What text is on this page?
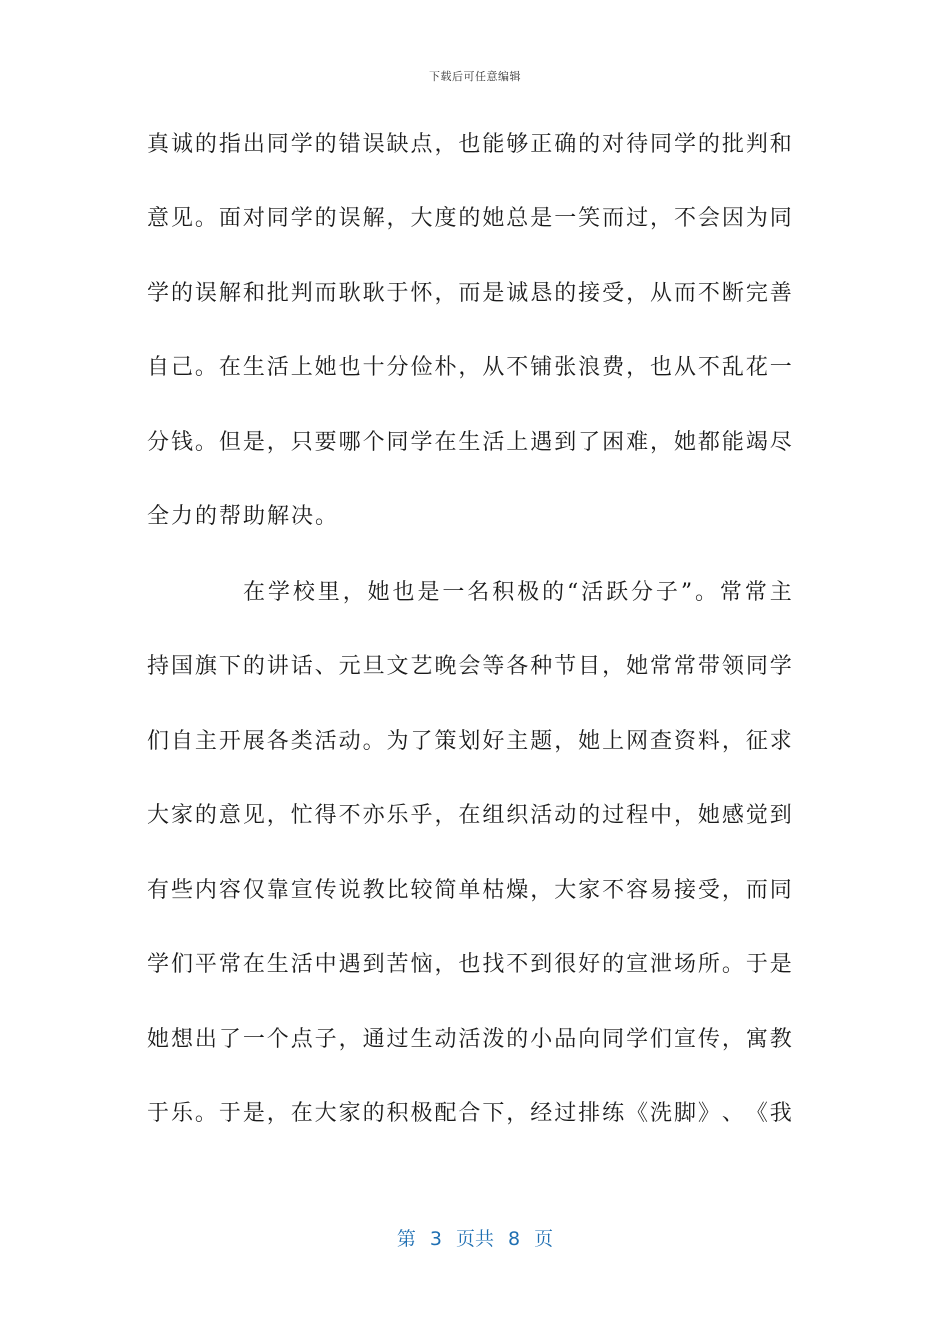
下载后可任意编辑
真 诚 的 指 出 同 学 的 错 误 缺 点 ， 也 能 够 正 确 的 对 待 同 学 的 批 判 和
意 见 。 面 对 同 学 的 误 解 ， 大 度 的 她 总 是 一 笑 而 过 ， 不 会 因 为 同
学 的 误 解 和 批 判 而 耿 耿 于 怀 ， 而 是 诚 恳 的 接 受 ， 从 而 不 断 完 善
自 己 。 在 生 活 上 她 也 十 分 俭 朴 ， 从 不 铺 张 浪 费 ， 也 从 不 乱 花 一
分 钱 。 但 是 ， 只 要 哪 个 同 学 在 生 活 上 遇 到 了 困 难 ， 她 都 能 竭 尽
全力的帮助解决。
在 学 校 里 ， 她 也 是 一 名 积 极 的 “ 活 跃 分 子 ” 。 常 常 主
持 国 旗 下 的 讲 话 、 元 旦 文 艺 晚 会 等 各 种 节 目 ， 她 常 常 带 领 同 学
们 自 主 开 展 各 类 活 动 。 为 了 策 划 好 主 题 ， 她 上 网 查 资 料 ， 征 求
大 家 的 意 见 ， 忙 得 不 亦 乐 乎 ， 在 组 织 活 动 的 过 程 中 ， 她 感 觉 到
有 些 内 容 仅 靠 宣 传 说 教 比 较 简 单 枯 燥 ， 大 家 不 容 易 接 受 ， 而 同
学 们 平 常 在 生 活 中 遇 到 苦 恼 ， 也 找 不 到 很 好 的 宣 泄 场 所 。 于 是
她 想 出 了 一 个 点 子 ， 通 过 生 动 活 泼 的 小 品 向 同 学 们 宣 传 ， 寓 教
于 乐 。 于 是 ， 在 大 家 的 积 极 配 合 下 ， 经 过 排 练 《 洗 脚 》 、 《 我
第 3 页共 8 页
